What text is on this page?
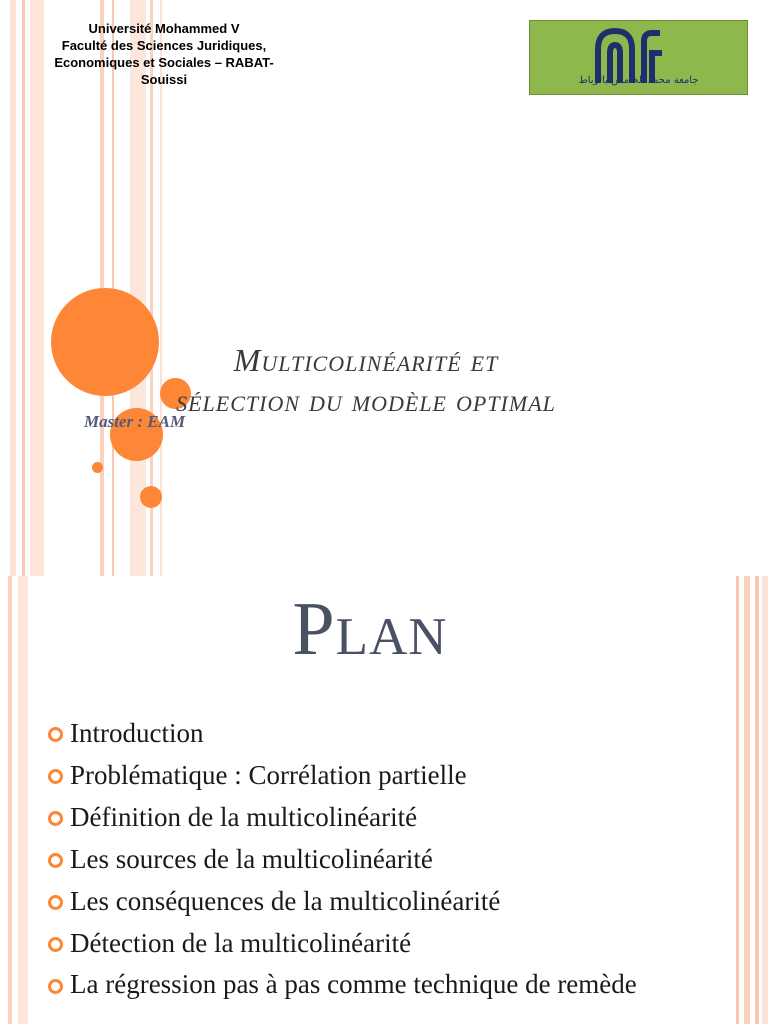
Université Mohammed V
Faculté des Sciences Juridiques,
Economiques et Sociales – RABAT-
Souissi	جامعة محمد الخامس بالرباط
Multicolinéarité et
sélection du modèle optimal
Master : EAM
Plan
Introduction
Problématique : Corrélation partielle
Définition de la multicolinéarité
Les sources de la multicolinéarité
Les conséquences de la multicolinéarité
Détection de la multicolinéarité
La régression pas à pas comme technique de remède
